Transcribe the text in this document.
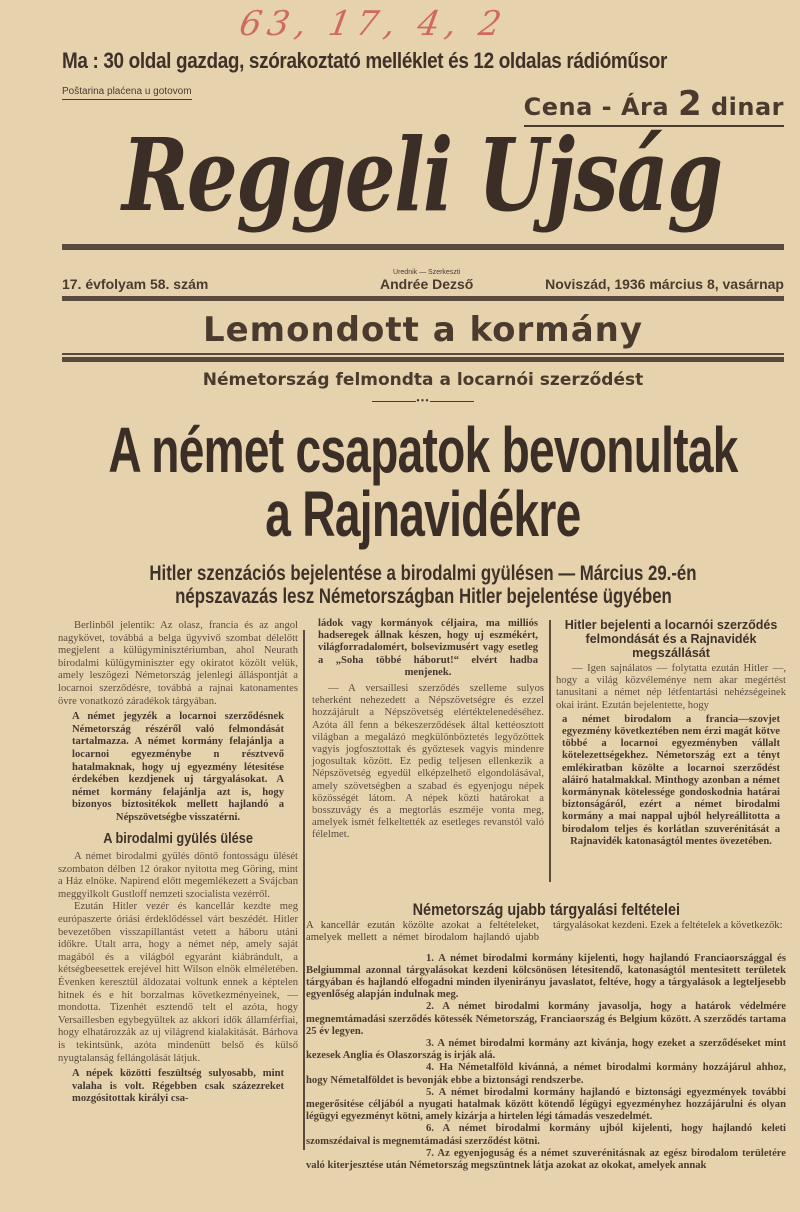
63, 17, 4, 2
Ma : 30 oldal gazdag, szórakoztató melléklet és 12 oldalas rádióműsor
Poštarina plaćena u gotovom
Cena - Ára 2 dinar
Reggeli Ujság
17. évfolyam 58. szám
Urednik — Szerkeszti
Andrée Dezső	Noviszád, 1936 március 8, vasárnap
Lemondott a kormány
Németország felmondta a locarnói szerződést
•••
A német csapatok bevonultak
a Rajnavidékre
Hitler szenzációs bejelentése a birodalmi gyülésen — Március 29.-én
népszavazás lesz Németországban Hitler bejelentése ügyében

Berlinből jelentik: Az olasz, francia és az angol nagykövet, továbbá a belga ügyvivő szombat délelőtt megjelent a külügyminisztériumban, ahol Neurath birodalmi külügyminiszter egy okiratot közölt velük, amely leszögezi Németország jelenlegi álláspontját a locarnoi szerződésre, továbbá a rajnai katonamentes övre vonatkozó záradékok tárgyában.

A német jegyzék a locarnoi szerződésnek Németország részéről való felmondását tartalmazza. A német kormány felajánlja a locarnoi egyezménybe n résztvevő hatalmaknak, hogy uj egyezmény létesitése érdekében kezdjenek uj tárgyalásokat. A német kormány felajánlja azt is, hogy bizonyos biztositékok mellett hajlandó a Népszövetségbe visszatérni.

A birodalmi gyülés ülése

A német birodalmi gyülés döntő fontosságu ülését szombaton délben 12 órakor nyitotta meg Göring, mint a Ház elnöke. Napirend előtt megemlékezett a Svájcban meggyilkolt Gustloff nemzeti szocialista vezérről.

Ezután Hitler vezér és kancellár kezdte meg európaszerte óriási érdeklődéssel várt beszédét. Hitler bevezetőben visszapillantást vetett a háboru utáni időkre. Utalt arra, hogy a német nép, amely saját magából és a világból egyaránt kiábrándult, a kétségbeesettek erejével hitt Wilson elnök elméletében. Évenken keresztül áldozatai voltunk ennek a képtelen hitnek és e hit borzalmas következményeinek, — mondotta. Tizenhét esztendő telt el azóta, hogy Versaillesben egybegyültek az akkori idők államférfiai, hogy elhatározzák az uj világrend kialakitását. Bárhova is tekintsünk, azóta mindenütt belső és külső nyugtalanság fellángolását látjuk.

A népek közötti feszültség sulyosabb, mint valaha is volt. Régebben csak százezreket mozgósitottak királyi csa-

ládok vagy kormányok céljaira, ma milliós hadseregek állnak készen, hogy uj eszmékért, világforradalomért, bolsevizmusért vagy esetleg a „Soha többé háborut!“ elvért hadba menjenek.

— A versaillesi szerződés szelleme sulyos teherként nehezedett a Népszövetségre és ezzel hozzájárult a Népszövetség elértéktelenedéséhez. Azóta áll fenn a békeszerződések által kettéosztott világban a megalázó megkülönböztetés legyőzöttek vagyis jogfosztottak és győztesek vagyis mindenre jogosultak között. Ez pedig teljesen ellenkezik a Népszövetség egyedül elképzelhető elgondolásával, amely szövetségben a szabad és egyenjogu népek közösségét látom. A népek közti határokat a bosszuvágy és a megtorlás eszméje vonta meg, amelyek ismét felkeltették az esetleges revanstól való félelmet.

Hitler bejelenti a locarnói szerződés felmondását és a Rajnavidék megszállását

— Igen sajnálatos — folytatta ezután Hitler —, hogy a világ közvéleménye nem akar megértést tanusitani a német nép létfentartási nehézségeinek okai iránt. Ezután bejelentette, hogy

a német birodalom a francia—szovjet egyezmény következtében nem érzi magát kötve többé a locarnoi egyezményben vállalt kötelezettségekhez. Németország ezt a tényt emlékiratban közölte a locarnoi szerződést aláiró hatalmakkal. Minthogy azonban a német kormánynak kötelessége gondoskodnia határai biztonságáról, ezért a német birodalmi kormány a mai nappal ujból helyreállitotta a birodalom teljes és korlátlan szuverénitását a Rajnavidék katonaságtól mentes övezetében.

Németország ujabb tárgyalási feltételei
A kancellár ezután közölte azokat a feltételeket, amelyek mellett a német birodalom hajlandó ujabb tárgyalásokat kezdeni. Ezek a feltételek a következők:

1. A német birodalmi kormány kijelenti, hogy hajlandó Franciaországgal és Belgiummal azonnal tárgyalásokat kezdeni kölcsönösen létesitendő, katonaságtól mentesitett területek tárgyában és hajlandó elfogadni minden ilyenirányu javaslatot, feltéve, hogy a tárgyalások a legteljesebb egyenlőség alapján indulnak meg.

2. A német birodalmi kormány javasolja, hogy a határok védelmére megnemtámadási szerződés kötessék Németország, Franciaország és Belgium között. A szerződés tartama 25 év legyen.

3. A német birodalmi kormány azt kivánja, hogy ezeket a szerződéseket mint kezesek Anglia és Olaszország is irják alá.

4. Ha Németalföld kivánná, a német birodalmi kormány hozzájárul ahhoz, hogy Németalföldet is bevonják ebbe a biztonsági rendszerbe.

5. A német birodalmi kormány hajlandó e biztonsági egyezmények további megerősitése céljából a nyugati hatalmak között kötendő légügyi egyezményhez hozzájárulni és olyan légügyi egyezményt kötni, amely kizárja a hirtelen légi támadás veszedelmét.

6. A német birodalmi kormány ujból kijelenti, hogy hajlandó keleti szomszédaival is megnemtámadási szerződést kötni.

7. Az egyenjoguság és a német szuverénitásnak az egész birodalom területére való kiterjesztése után Németország megszüntnek látja azokat az okokat, amelyek annak
